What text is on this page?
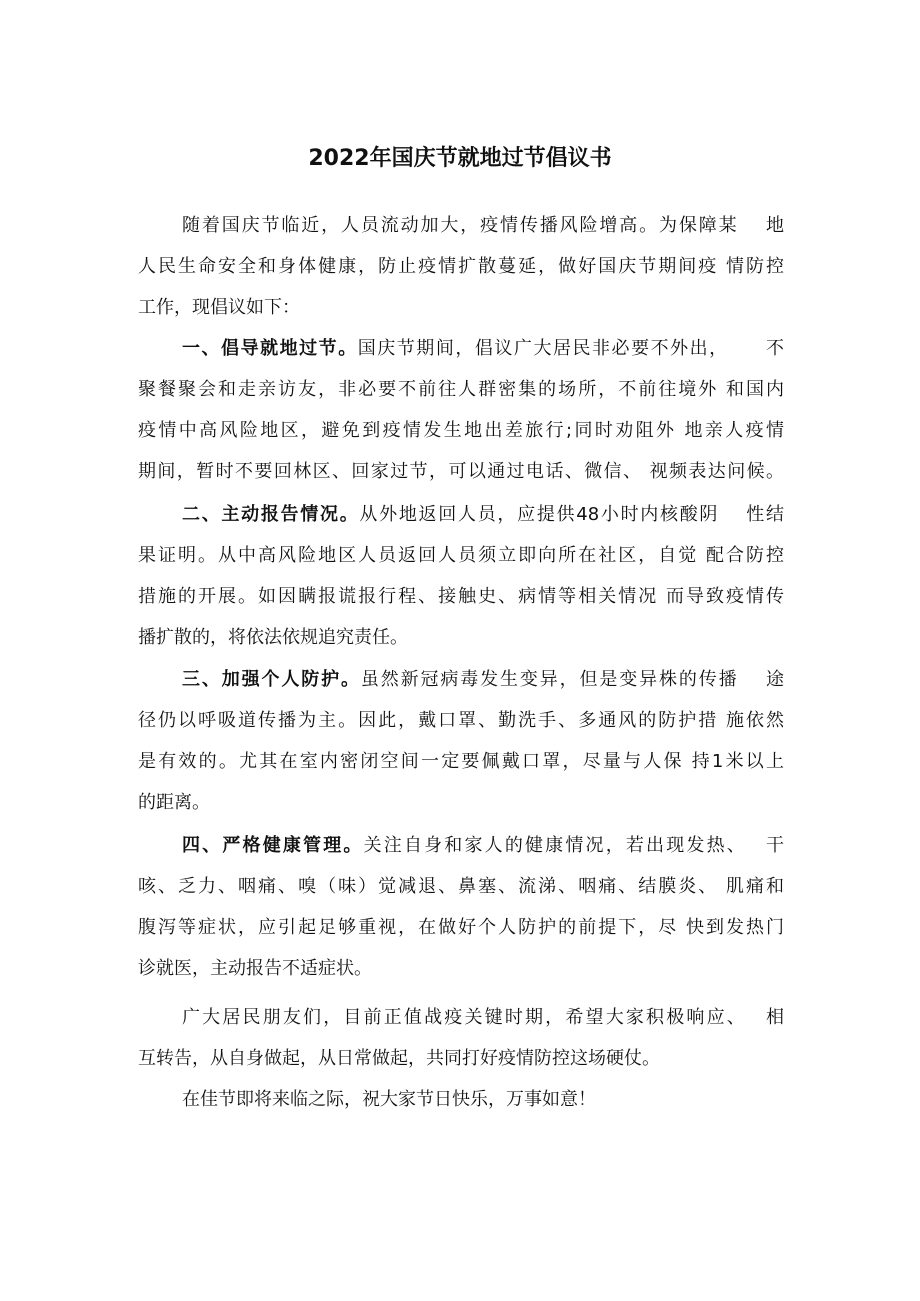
2022年国庆节就地过节倡议书
随着国庆节临近，人员流动加大，疫情传播风险增高。为保障某　 地
人民生命安全和身体健康，防止疫情扩散蔓延，做好国庆节期间疫 情防控
工作，现倡议如下：
一、倡导就地过节。国庆节期间，倡议广大居民非必要不外出，　　 不
聚餐聚会和走亲访友，非必要不前往人群密集的场所，不前往境外 和国内
疫情中高风险地区，避免到疫情发生地出差旅行;同时劝阻外 地亲人疫情
期间，暂时不要回林区、回家过节，可以通过电话、微信、 视频表达问候。
二、主动报告情况。从外地返回人员，应提供48小时内核酸阴　 性结
果证明。从中高风险地区人员返回人员须立即向所在社区，自觉 配合防控
措施的开展。如因瞒报谎报行程、接触史、病情等相关情况 而导致疫情传
播扩散的，将依法依规追究责任。
三、加强个人防护。虽然新冠病毒发生变异，但是变异株的传播　 途
径仍以呼吸道传播为主。因此，戴口罩、勤洗手、多通风的防护措 施依然
是有效的。尤其在室内密闭空间一定要佩戴口罩，尽量与人保 持1米以上
的距离。
四、严格健康管理。关注自身和家人的健康情况，若出现发热、　 干
咳、乏力、咽痛、嗅（味）觉减退、鼻塞、流涕、咽痛、结膜炎、 肌痛和
腹泻等症状，应引起足够重视，在做好个人防护的前提下，尽 快到发热门
诊就医，主动报告不适症状。
广大居民朋友们，目前正值战疫关键时期，希望大家积极响应、　 相
互转告，从自身做起，从日常做起，共同打好疫情防控这场硬仗。
在佳节即将来临之际，祝大家节日快乐，万事如意！
